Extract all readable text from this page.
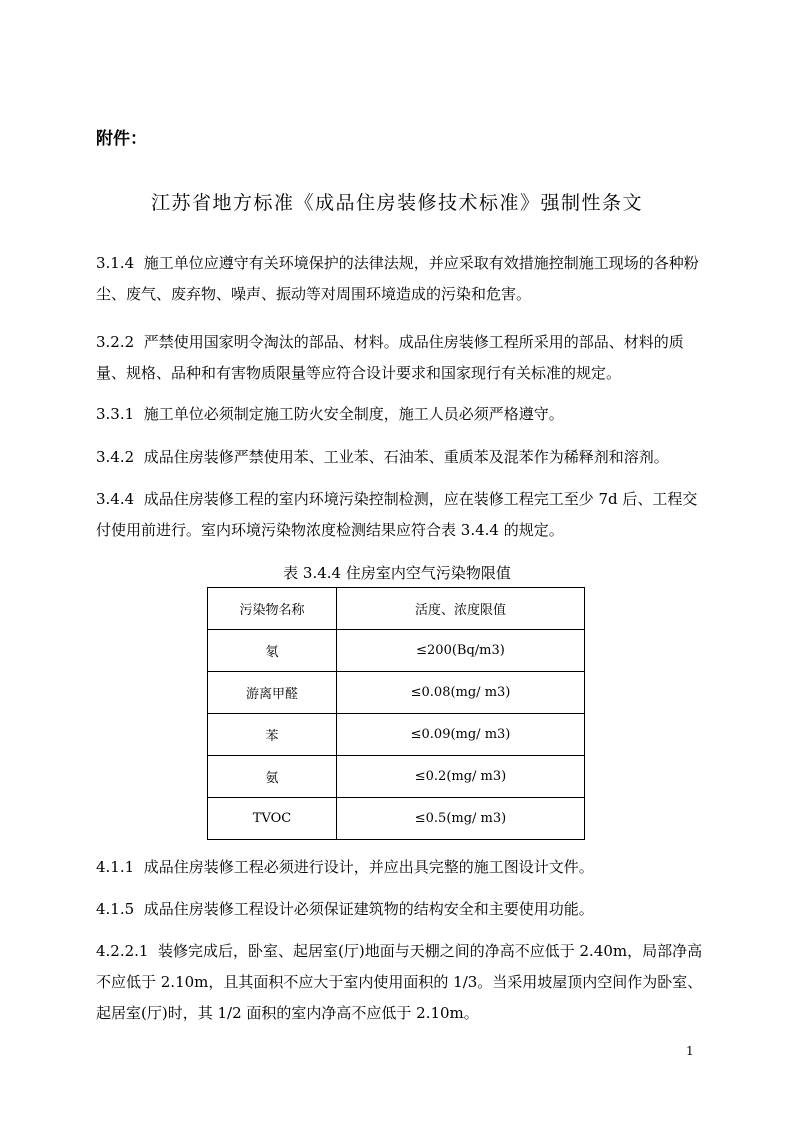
附件：
江苏省地方标准《成品住房装修技术标准》强制性条文

3.1.4 施工单位应遵守有关环境保护的法律法规，并应采取有效措施控制施工现场的各种粉尘、废气、废弃物、噪声、振动等对周围环境造成的污染和危害。

3.2.2 严禁使用国家明令淘汰的部品、材料。成品住房装修工程所采用的部品、材料的质量、规格、品种和有害物质限量等应符合设计要求和国家现行有关标准的规定。

3.3.1 施工单位必须制定施工防火安全制度，施工人员必须严格遵守。

3.4.2 成品住房装修严禁使用苯、工业苯、石油苯、重质苯及混苯作为稀释剂和溶剂。

3.4.4 成品住房装修工程的室内环境污染控制检测，应在装修工程完工至少 7d 后、工程交付使用前进行。室内环境污染物浓度检测结果应符合表 3.4.4 的规定。

表 3.4.4 住房室内空气污染物限值
污染物名称	活度、浓度限值
氡	≤200(Bq/m3)
游离甲醛	≤0.08(mg/ m3)
苯	≤0.09(mg/ m3)
氨	≤0.2(mg/ m3)
TVOC	≤0.5(mg/ m3)

4.1.1 成品住房装修工程必须进行设计，并应出具完整的施工图设计文件。

4.1.5 成品住房装修工程设计必须保证建筑物的结构安全和主要使用功能。

4.2.2.1 装修完成后，卧室、起居室(厅)地面与天棚之间的净高不应低于 2.40m，局部净高不应低于 2.10m，且其面积不应大于室内使用面积的 1/3。当采用坡屋顶内空间作为卧室、起居室(厅)时，其 1/2 面积的室内净高不应低于 2.10m。

1
